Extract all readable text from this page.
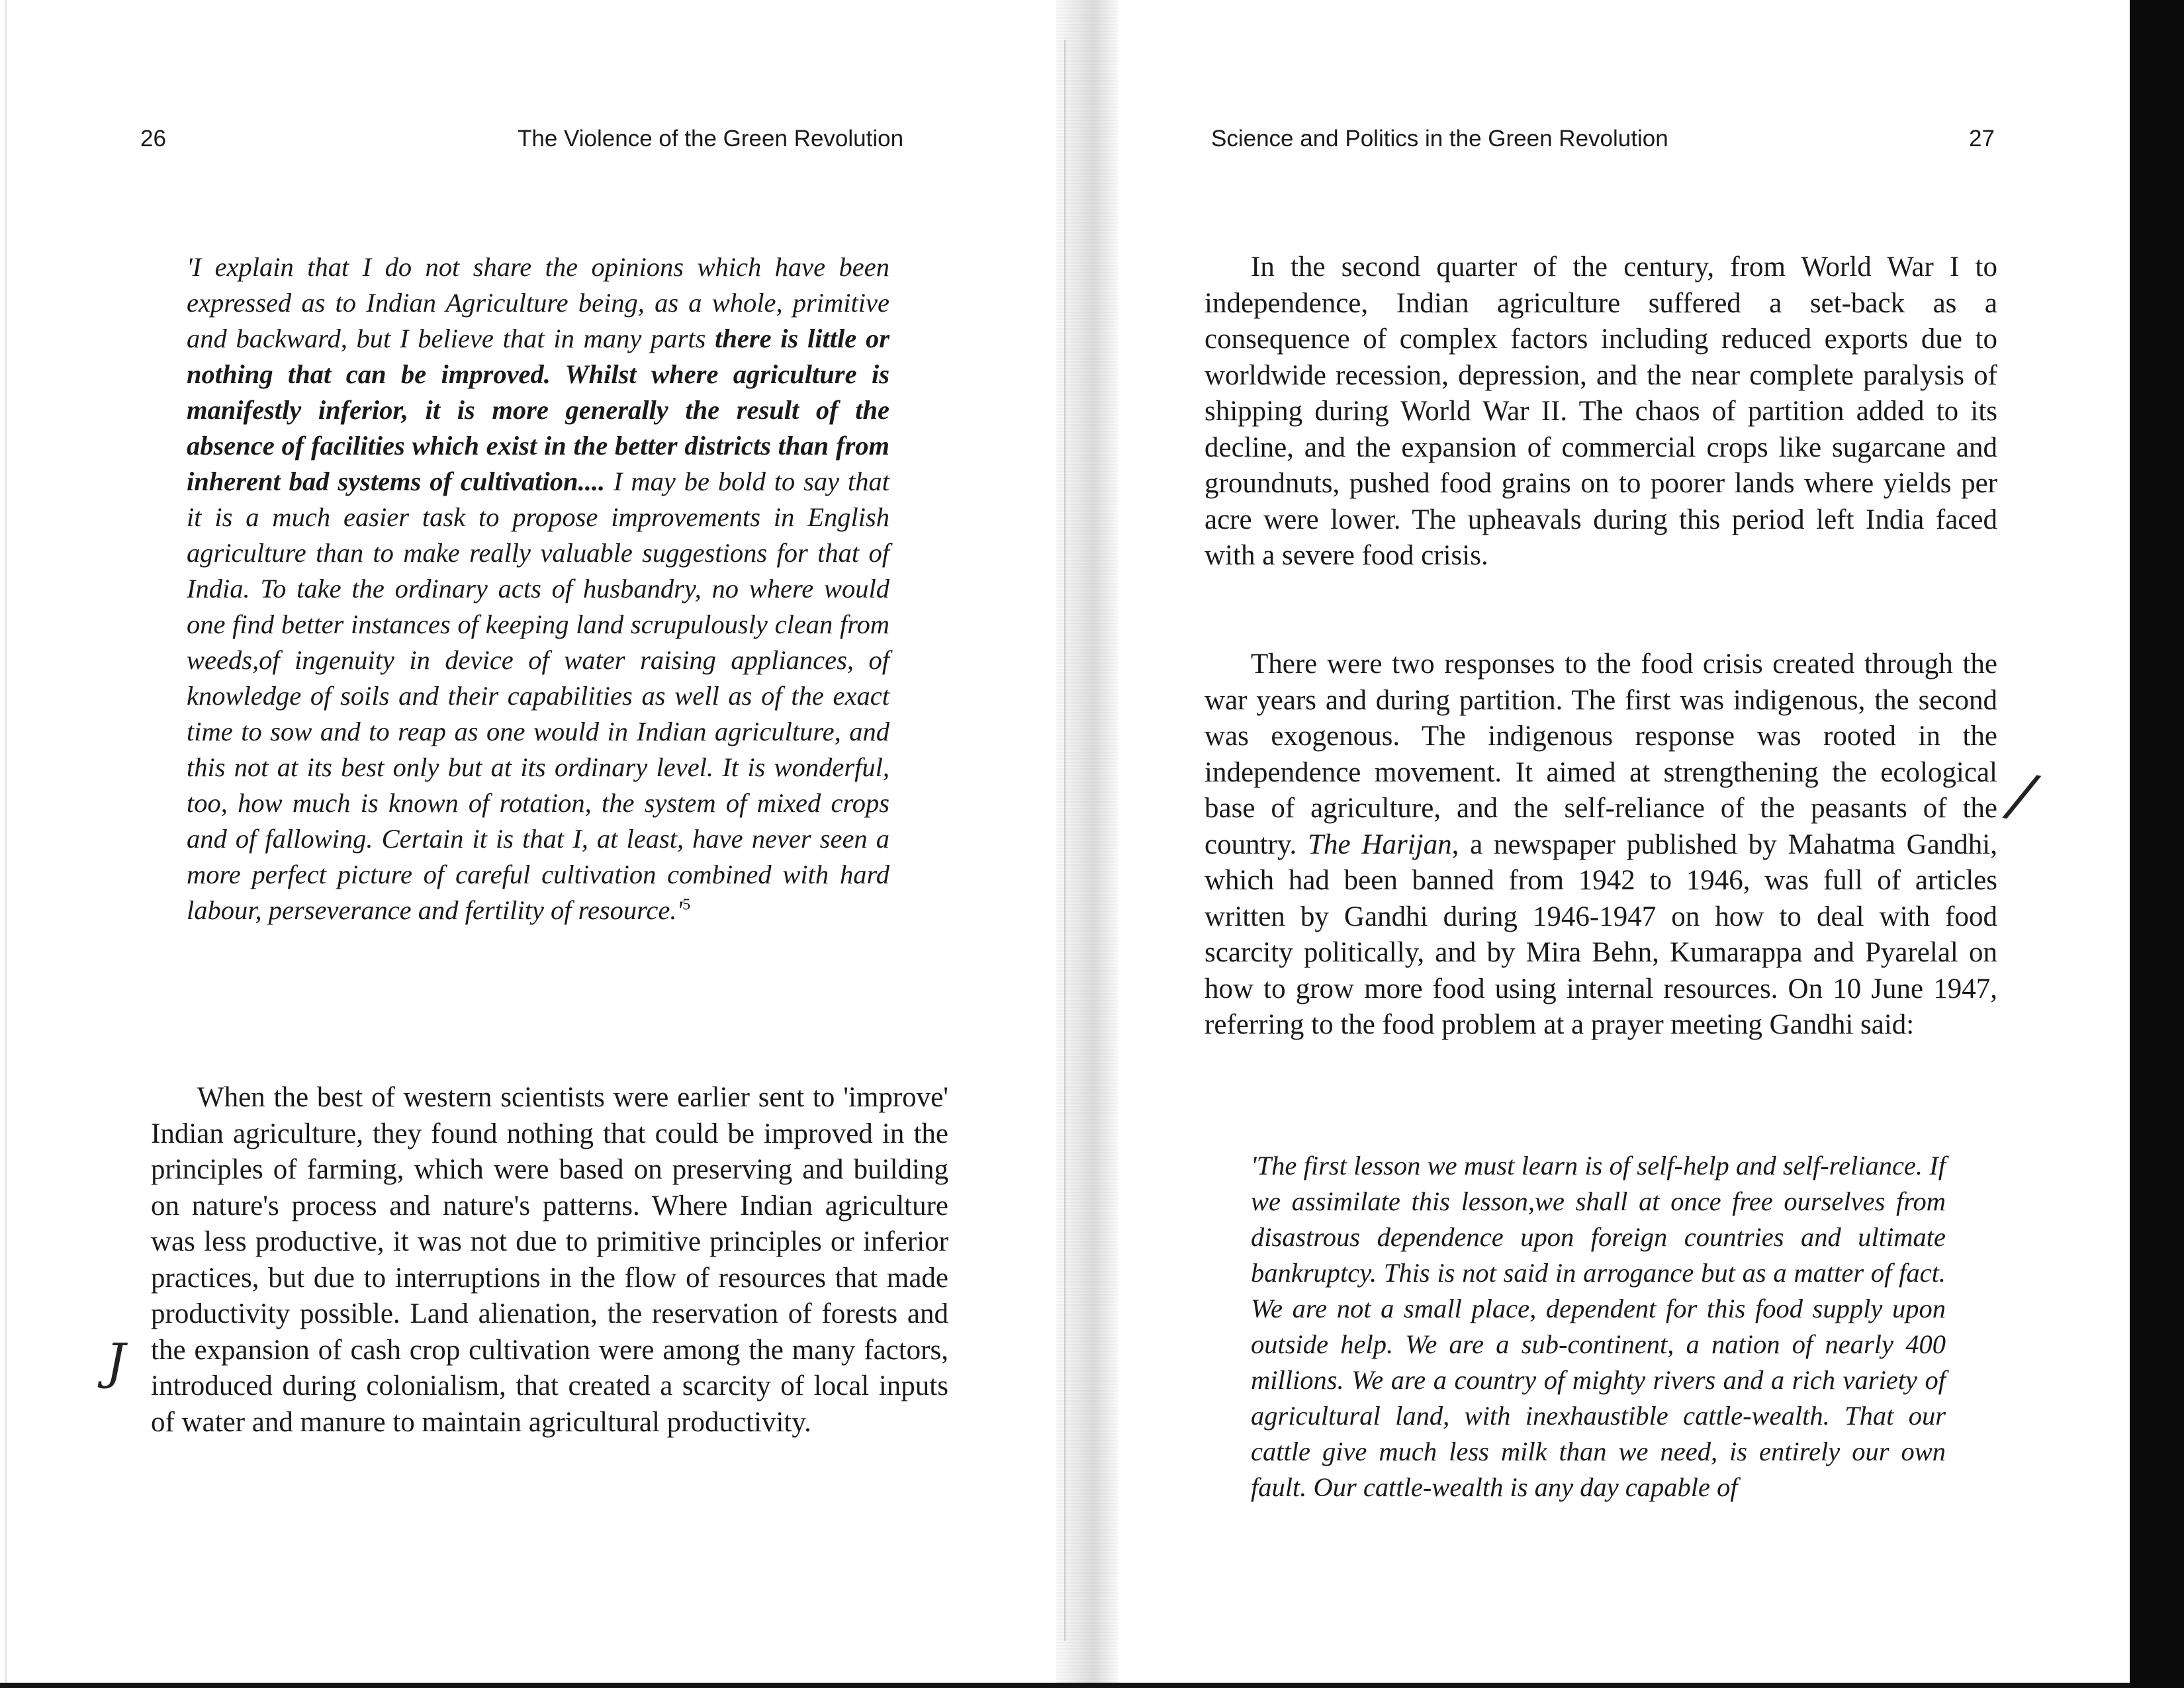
26	The Violence of the Green Revolution
'I explain that I do not share the opinions which have been expressed as to Indian Agriculture being, as a whole, primitive and backward, but I believe that in many parts there is little or nothing that can be improved. Whilst where agriculture is manifestly inferior, it is more generally the result of the absence of facilities which exist in the better districts than from inherent bad systems of cultivation.... I may be bold to say that it is a much easier task to propose improvements in English agriculture than to make really valuable suggestions for that of India. To take the ordinary acts of husbandry, no where would one find better instances of keeping land scrupulously clean from weeds,of ingenuity in device of water raising appliances, of knowledge of soils and their capabilities as well as of the exact time to sow and to reap as one would in Indian agriculture, and this not at its best only but at its ordinary level. It is wonderful, too, how much is known of rotation, the system of mixed crops and of fallowing. Certain it is that I, at least, have never seen a more perfect picture of careful cultivation combined with hard labour, perseverance and fertility of $resource.'^5$
When the best of western scientists were earlier sent to 'improve' Indian agriculture, they found nothing that could be improved in the principles of farming, which were based on preserving and building on nature's process and nature's patterns. Where Indian agriculture was less productive, it was not due to primitive principles or inferior practices, but due to interruptions in the flow of resources that made productivity possible. Land alienation, the reservation of forests and the expansion of cash crop cultivation were among the many factors, introduced during colonialism, that created a scarcity of local inputs of water and manure to maintain agricultural productivity.
J
Science and Politics in the Green Revolution	27
In the second quarter of the century, from World War I to independence, Indian agriculture suffered a set-back as a consequence of complex factors including reduced exports due to worldwide recession, depression, and the near complete paralysis of shipping during World War II. The chaos of partition added to its decline, and the expansion of commercial crops like sugarcane and groundnuts, pushed food grains on to poorer lands where yields per acre were lower. The upheavals during this period left India faced with a severe food crisis.
There were two responses to the food crisis created through the war years and during partition. The first was indigenous, the second was exogenous. The indigenous response was rooted in the independence movement. It aimed at strengthening the ecological base of agriculture, and the self-reliance of the peasants of the country. The Harijan, a newspaper published by Mahatma Gandhi, which had been banned from 1942 to 1946, was full of articles written by Gandhi during 1946-1947 on how to deal with food scarcity politically, and by Mira Behn, Kumarappa and Pyarelal on how to grow more food using internal resources. On 10 June 1947, referring to the food problem at a prayer meeting Gandhi said:
'The first lesson we must learn is of self-help and self-reliance. If we assimilate this lesson,we shall at once free ourselves from disastrous dependence upon foreign countries and ultimate bankruptcy. This is not said in arrogance but as a matter of fact. We are not a small place, dependent for this food supply upon outside help. We are a sub-continent, a nation of nearly 400 millions. We are a country of mighty rivers and a rich variety of agricultural land, with inexhaustible cattle-wealth. That our cattle give much less milk than we need, is entirely our own fault. Our cattle-wealth is any day capable of
/
